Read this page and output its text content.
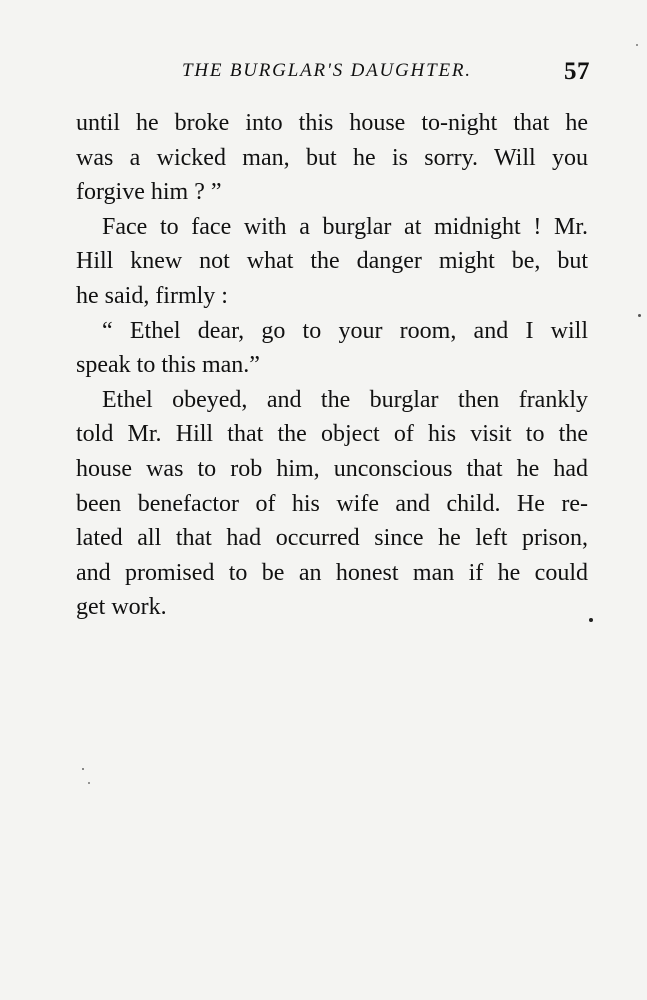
THE BURGLAR'S DAUGHTER.	57
until he broke into this house to-night that he
was a wicked man, but he is sorry. Will you
forgive him ? ”
Face to face with a burglar at midnight ! Mr.
Hill knew not what the danger might be, but
he said, firmly :
“ Ethel dear, go to your room, and I will
speak to this man.”
Ethel obeyed, and the burglar then frankly
told Mr. Hill that the object of his visit to the
house was to rob him, unconscious that he had
been benefactor of his wife and child. He re-
lated all that had occurred since he left prison,
and promised to be an honest man if he could
get work.
